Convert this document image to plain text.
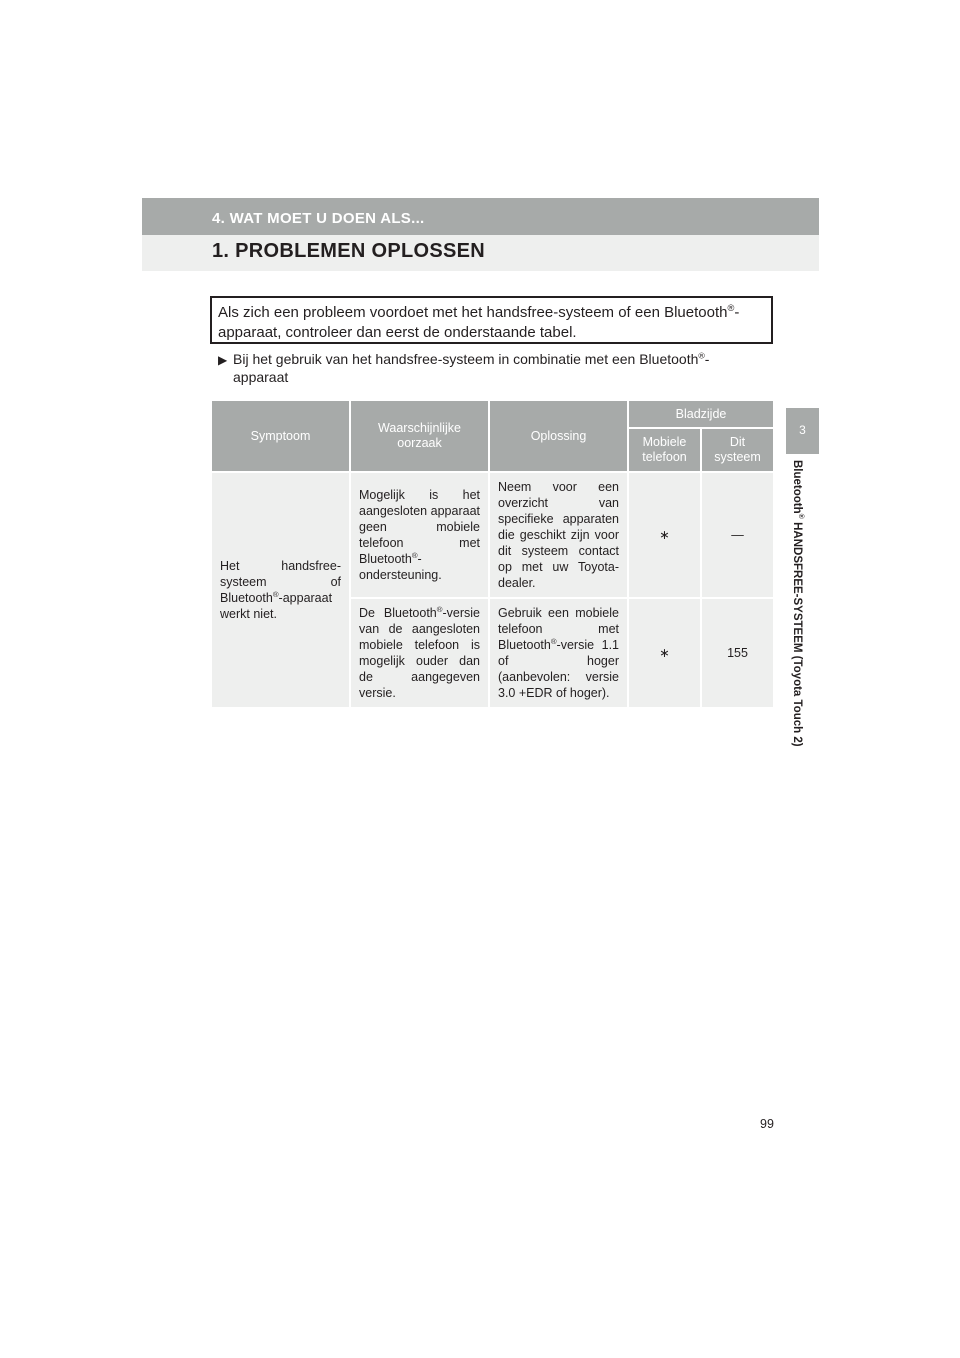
4. WAT MOET U DOEN ALS...
1. PROBLEMEN OPLOSSEN
3
Bluetooth® HANDSFREE-SYSTEEM (Toyota Touch 2)
Als zich een probleem voordoet met het handsfree-systeem of een Bluetooth®-apparaat, controleer dan eerst de onderstaande tabel.
▶ Bij het gebruik van het handsfree-systeem in combinatie met een Bluetooth®-
apparaat
Symptoom	Waarschijnlijke oorzaak	Oplossing	Bladzijde	
			Mobiele telefoon	Dit systeem
Het handsfree-systeem of Bluetooth®-apparaat werkt niet.	Mogelijk is het aangesloten apparaat geen mobiele telefoon met Bluetooth®-ondersteuning.	Neem voor een overzicht van specifieke apparaten die geschikt zijn voor dit systeem contact op met uw Toyota-dealer.	∗	—
	De Bluetooth®-versie van de aangesloten mobiele telefoon is mogelijk ouder dan de aangegeven versie.	Gebruik een mobiele telefoon met Bluetooth®-versie 1.1 of hoger (aanbevolen: versie 3.0 +EDR of hoger).	∗	155
99
